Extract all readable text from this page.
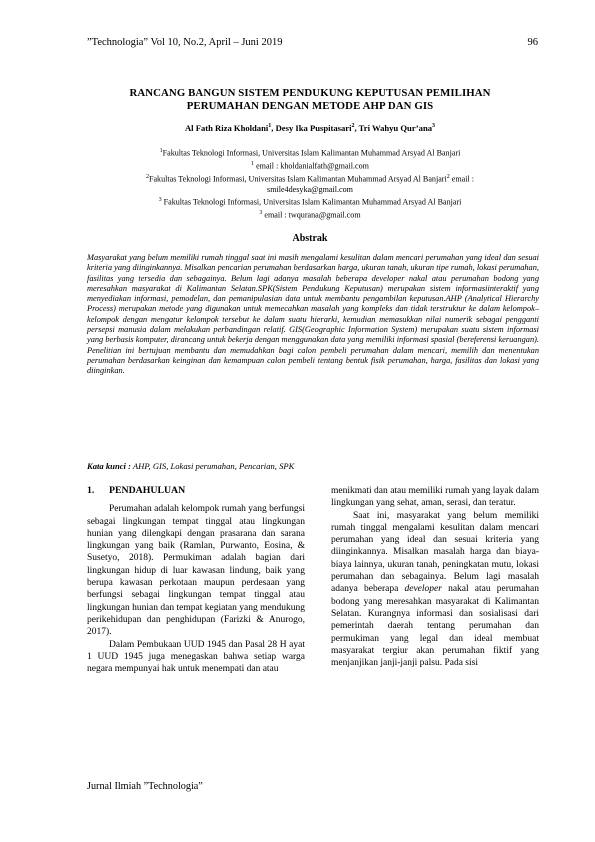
”Technologia” Vol 10, No.2, April – Juni 2019	96
RANCANG BANGUN SISTEM PENDUKUNG KEPUTUSAN PEMILIHAN
PERUMAHAN DENGAN METODE AHP DAN GIS
Al Fath Riza Kholdani$^1$, Desy Ika Puspitasari$^2$, Tri Wahyu Qur’ana$^3$

$^1$Fakultas Teknologi Informasi, Universitas Islam Kalimantan Muhammad Arsyad Al Banjari

$^1$ email : kholdanialfath@gmail.com

$^2$Fakultas Teknologi Informasi, Universitas Islam Kalimantan Muhammad Arsyad Al Banjari$^2$ email :

smile4desyka@gmail.com

$^3$ Fakultas Teknologi Informasi, Universitas Islam Kalimantan Muhammad Arsyad Al Banjari

$^3$ email : twqurana@gmail.com

Abstrak
Masyarakat yang belum memiliki rumah tinggal saat ini masih mengalami kesulitan dalam mencari perumahan yang ideal dan sesuai kriteria yang diinginkannya. Misalkan pencarian perumahan berdasarkan harga, ukuran tanah, ukuran tipe rumah, lokasi perumahan, fasilitas yang tersedia dan sebagainya. Belum lagi adanya masalah beberapa developer nakal atau perumahan bodong yang meresahkan masyarakat di Kalimantan Selatan.SPK(Sistem Pendukung Keputusan) merupakan sistem informasiinteraktif yang menyediakan informasi, pemodelan, dan pemanipulasian data untuk membantu pengambilan keputusan.AHP (Analytical Hierarchy Process) merupakan metode yang digunakan untuk memecahkan masalah yang kompleks dan tidak terstruktur ke dalam kelompok–kelompok dengan mengatur kelompok tersebut ke dalam suatu hierarki, kemudian memasukkan nilai numerik sebagai pengganti persepsi manusia dalam melakukan perbandingan relatif. GIS(Geographic Information System) merupakan suatu sistem informasi yang berbasis komputer, dirancang untuk bekerja dengan menggunakan data yang memiliki informasi spasial (bereferensi keruangan). Penelitian ini bertujuan membantu dan memudahkan bagi calon pembeli perumahan dalam mencari, memilih dan menentukan perumahan berdasarkan keinginan dan kemampuan calon pembeli tentang bentuk fisik perumahan, harga, fasilitas dan lokasi yang diinginkan.
Kata kunci : AHP, GIS, Lokasi perumahan, Pencarian, SPK
1. PENDAHULUAN

Perumahan adalah kelompok rumah yang berfungsi sebagai lingkungan tempat tinggal atau lingkungan hunian yang dilengkapi dengan prasarana dan sarana lingkungan yang baik (Ramlan, Purwanto, Eosina, & Susetyo, 2018). Permukiman adalah bagian dari lingkungan hidup di luar kawasan lindung, baik yang berupa kawasan perkotaan maupun perdesaan yang berfungsi sebagai lingkungan tempat tinggal atau lingkungan hunian dan tempat kegiatan yang mendukung perikehidupan dan penghidupan (Farizki & Anurogo, 2017).

Dalam Pembukaan UUD 1945 dan Pasal 28 H ayat 1 UUD 1945 juga menegaskan bahwa setiap warga negara mempunyai hak untuk menempati dan atau

menikmati dan atau memiliki rumah yang layak dalam lingkungan yang sehat, aman, serasi, dan teratur.

Saat ini, masyarakat yang belum memiliki rumah tinggal mengalami kesulitan dalam mencari perumahan yang ideal dan sesuai kriteria yang diinginkannya. Misalkan masalah harga dan biaya-biaya lainnya, ukuran tanah, peningkatan mutu, lokasi perumahan dan sebagainya. Belum lagi masalah adanya beberapa developer nakal atau perumahan bodong yang meresahkan masyarakat di Kalimantan Selatan. Kurangnya informasi dan sosialisasi dari pemerintah daerah tentang perumahan dan permukiman yang legal dan ideal membuat masyarakat tergiur akan perumahan fiktif yang menjanjikan janji-janji palsu. Pada sisi

Jurnal Ilmiah ”Technologia”
